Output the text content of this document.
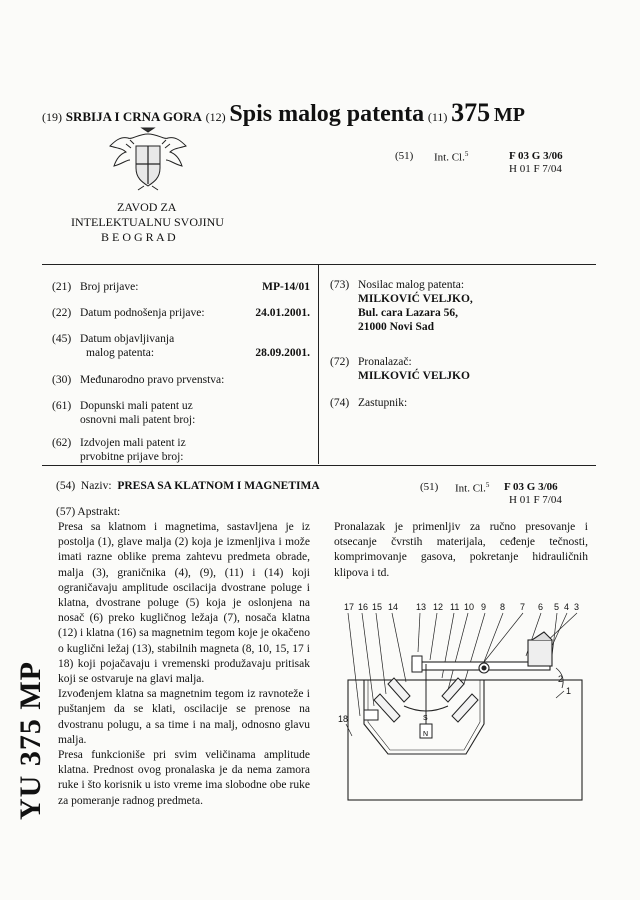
(19) SRBIJA I CRNA GORA (12) Spis malog patenta (11) 375 MP
ZAVOD ZA
INTELEKTUALNU SVOJINU
B E O G R A D
(51) Int. Cl.$^5$	F 03 G 3/06
H 01 F 7/04
(21) Broj prijave:	MP-14/01
(22) Datum podnošenja prijave:	24.01.2001.
(45) Datum objavljivanja
malog patenta:	28.09.2001.
(30) Međunarodno pravo prvenstva:
(61) Dopunski mali patent uz
osnovni mali patent broj:
(62) Izdvojen mali patent iz
prvobitne prijave broj:
(73) Nosilac malog patenta:
MILKOVIĆ VELJKO,
Bul. cara Lazara 56,
21000 Novi Sad
(72) Pronalazač:
MILKOVIĆ VELJKO
(74) Zastupnik:
(54) Naziv: PRESA SA KLATNOM I MAGNETIMA	(51) Int. Cl.$^5$ F 03 G 3/06
H 01 F 7/04
(57) Apstrakt:
Presa sa klatnom i magnetima, sastavljena je iz postolja (1), glave malja (2) koja je izmenljiva i može imati razne oblike prema zahtevu predmeta obrade, malja (3), graničnika (4), (9), (11) i (14) koji ograničavaju amplitude oscilacija dvostrane poluge i klatna, dvostrane poluge (5) koja je oslonjena na nosač (6) preko kugličnog ležaja (7), nosača klatna (12) i klatna (16) sa magnetnim tegom koje je okačeno o kuglični ležaj (13), stabilnih magneta (8, 10, 15, 17 i 18) koji pojačavaju i vremenski produžavaju pritisak koji se ostvaruje na glavi malja.
Izvođenjem klatna sa magnetnim tegom iz ravnoteže i puštanjem da se klati, oscilacije se prenose na dvostranu polugu, a sa time i na malj, odnosno glavu malja.
Presa funkcioniše pri svim veličinama amplitude klatna. Prednost ovog pronalaska je da nema zamora ruke i što korisnik u isto vreme ima slobodne obe ruke za pomeranje radnog predmeta.
Pronalazak je primenljiv za ručno presovanje i otsecanje čvrstih materijala, ceđenje tečnosti, komprimovanje gasova, pokretanje hidrauličnih klipova i td.
17 16 15 14 13 12 11 10 9 8 7 6 5 4 3
2
1
18	S
N
YU 375 MP
